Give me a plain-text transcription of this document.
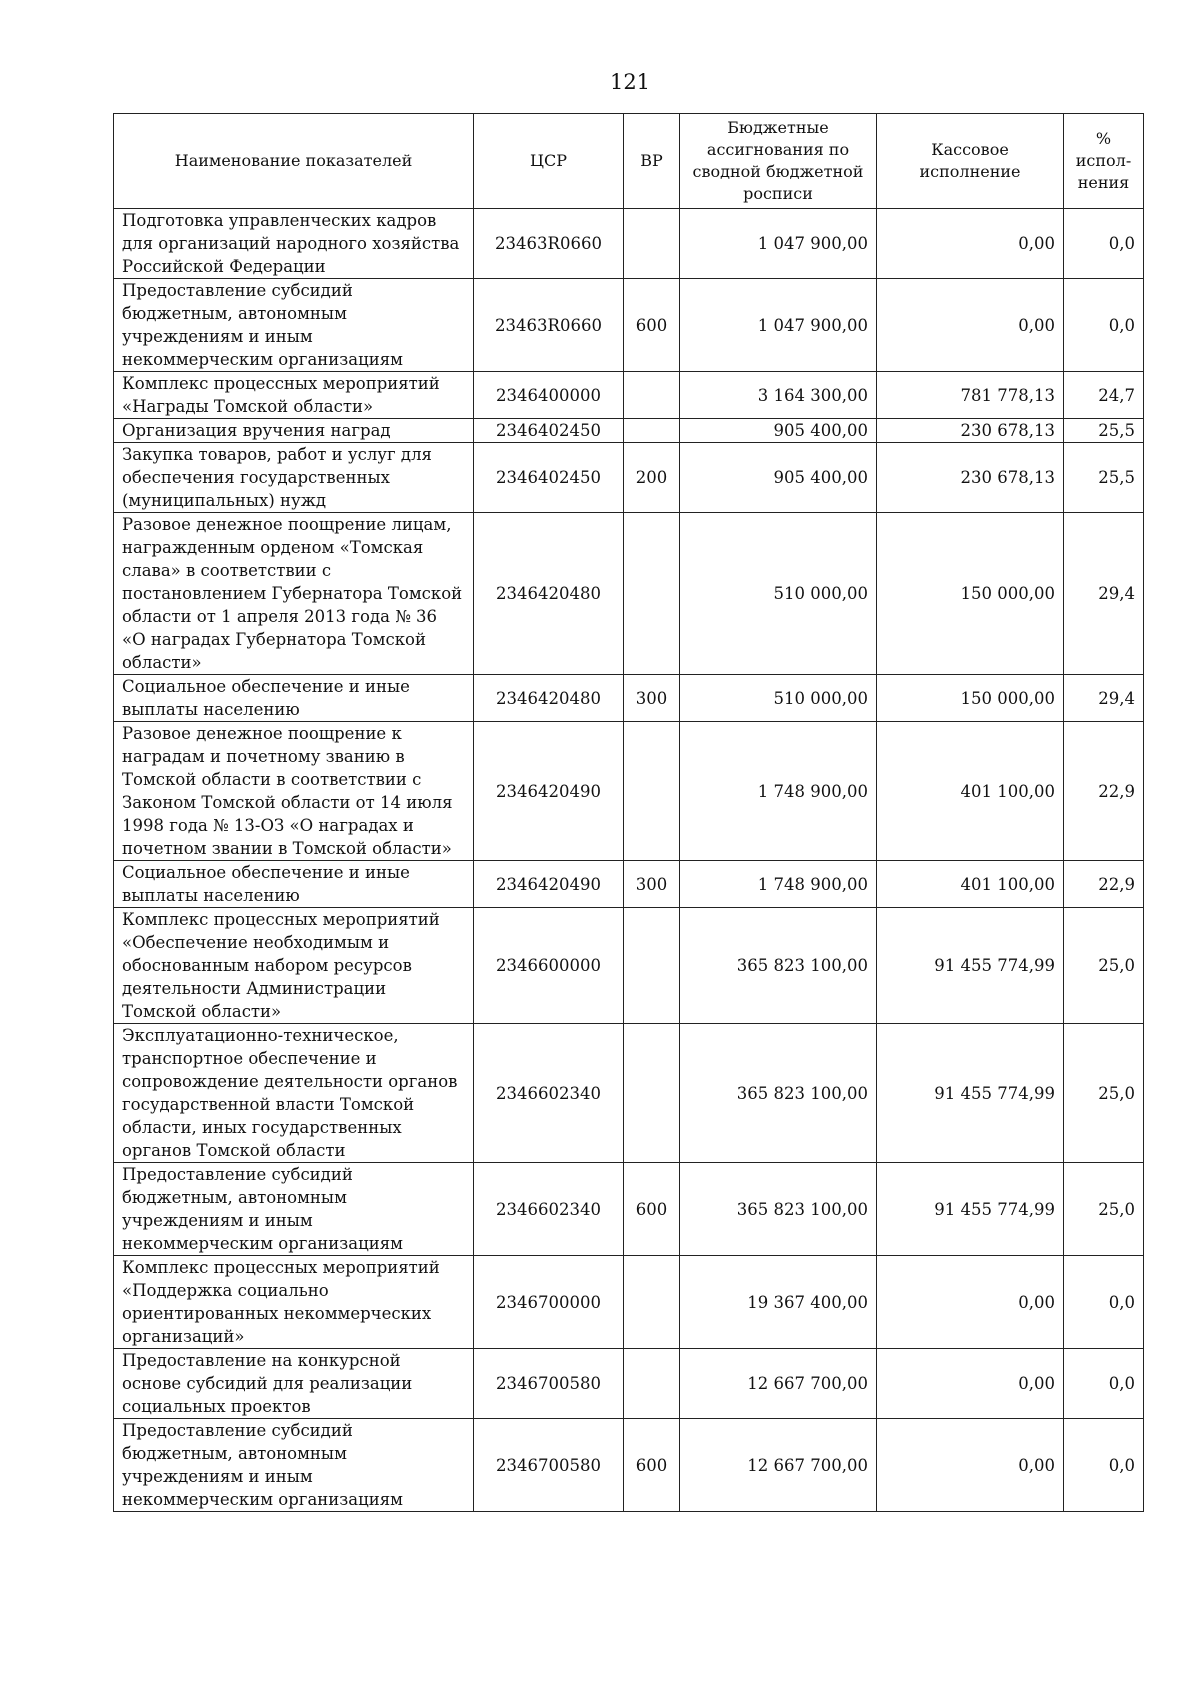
121
Наименование показателей	ЦСР	ВР	Бюджетные ассигнования по сводной бюджетной росписи	Кассовое исполнение	% испол-нения
Подготовка управленческих кадров для организаций народного хозяйства Российской Федерации	23463R0660		1 047 900,00	0,00	0,0
Предоставление субсидий бюджетным, автономным учреждениям и иным некоммерческим организациям	23463R0660	600	1 047 900,00	0,00	0,0
Комплекс процессных мероприятий «Награды Томской области»	2346400000		3 164 300,00	781 778,13	24,7
Организация вручения наград	2346402450		905 400,00	230 678,13	25,5
Закупка товаров, работ и услуг для обеспечения государственных (муниципальных) нужд	2346402450	200	905 400,00	230 678,13	25,5
Разовое денежное поощрение лицам, награжденным орденом «Томская слава» в соответствии с постановлением Губернатора Томской области от 1 апреля 2013 года № 36 «О наградах Губернатора Томской области»	2346420480		510 000,00	150 000,00	29,4
Социальное обеспечение и иные выплаты населению	2346420480	300	510 000,00	150 000,00	29,4
Разовое денежное поощрение к наградам и почетному званию в Томской области в соответствии с Законом Томской области от 14 июля 1998 года № 13-ОЗ «О наградах и почетном звании в Томской области»	2346420490		1 748 900,00	401 100,00	22,9
Социальное обеспечение и иные выплаты населению	2346420490	300	1 748 900,00	401 100,00	22,9
Комплекс процессных мероприятий «Обеспечение необходимым и обоснованным набором ресурсов деятельности Администрации Томской области»	2346600000		365 823 100,00	91 455 774,99	25,0
Эксплуатационно-техническое, транспортное обеспечение и сопровождение деятельности органов государственной власти Томской области, иных государственных органов Томской области	2346602340		365 823 100,00	91 455 774,99	25,0
Предоставление субсидий бюджетным, автономным учреждениям и иным некоммерческим организациям	2346602340	600	365 823 100,00	91 455 774,99	25,0
Комплекс процессных мероприятий «Поддержка социально ориентированных некоммерческих организаций»	2346700000		19 367 400,00	0,00	0,0
Предоставление на конкурсной основе субсидий для реализации социальных проектов	2346700580		12 667 700,00	0,00	0,0
Предоставление субсидий бюджетным, автономным учреждениям и иным некоммерческим организациям	2346700580	600	12 667 700,00	0,00	0,0
